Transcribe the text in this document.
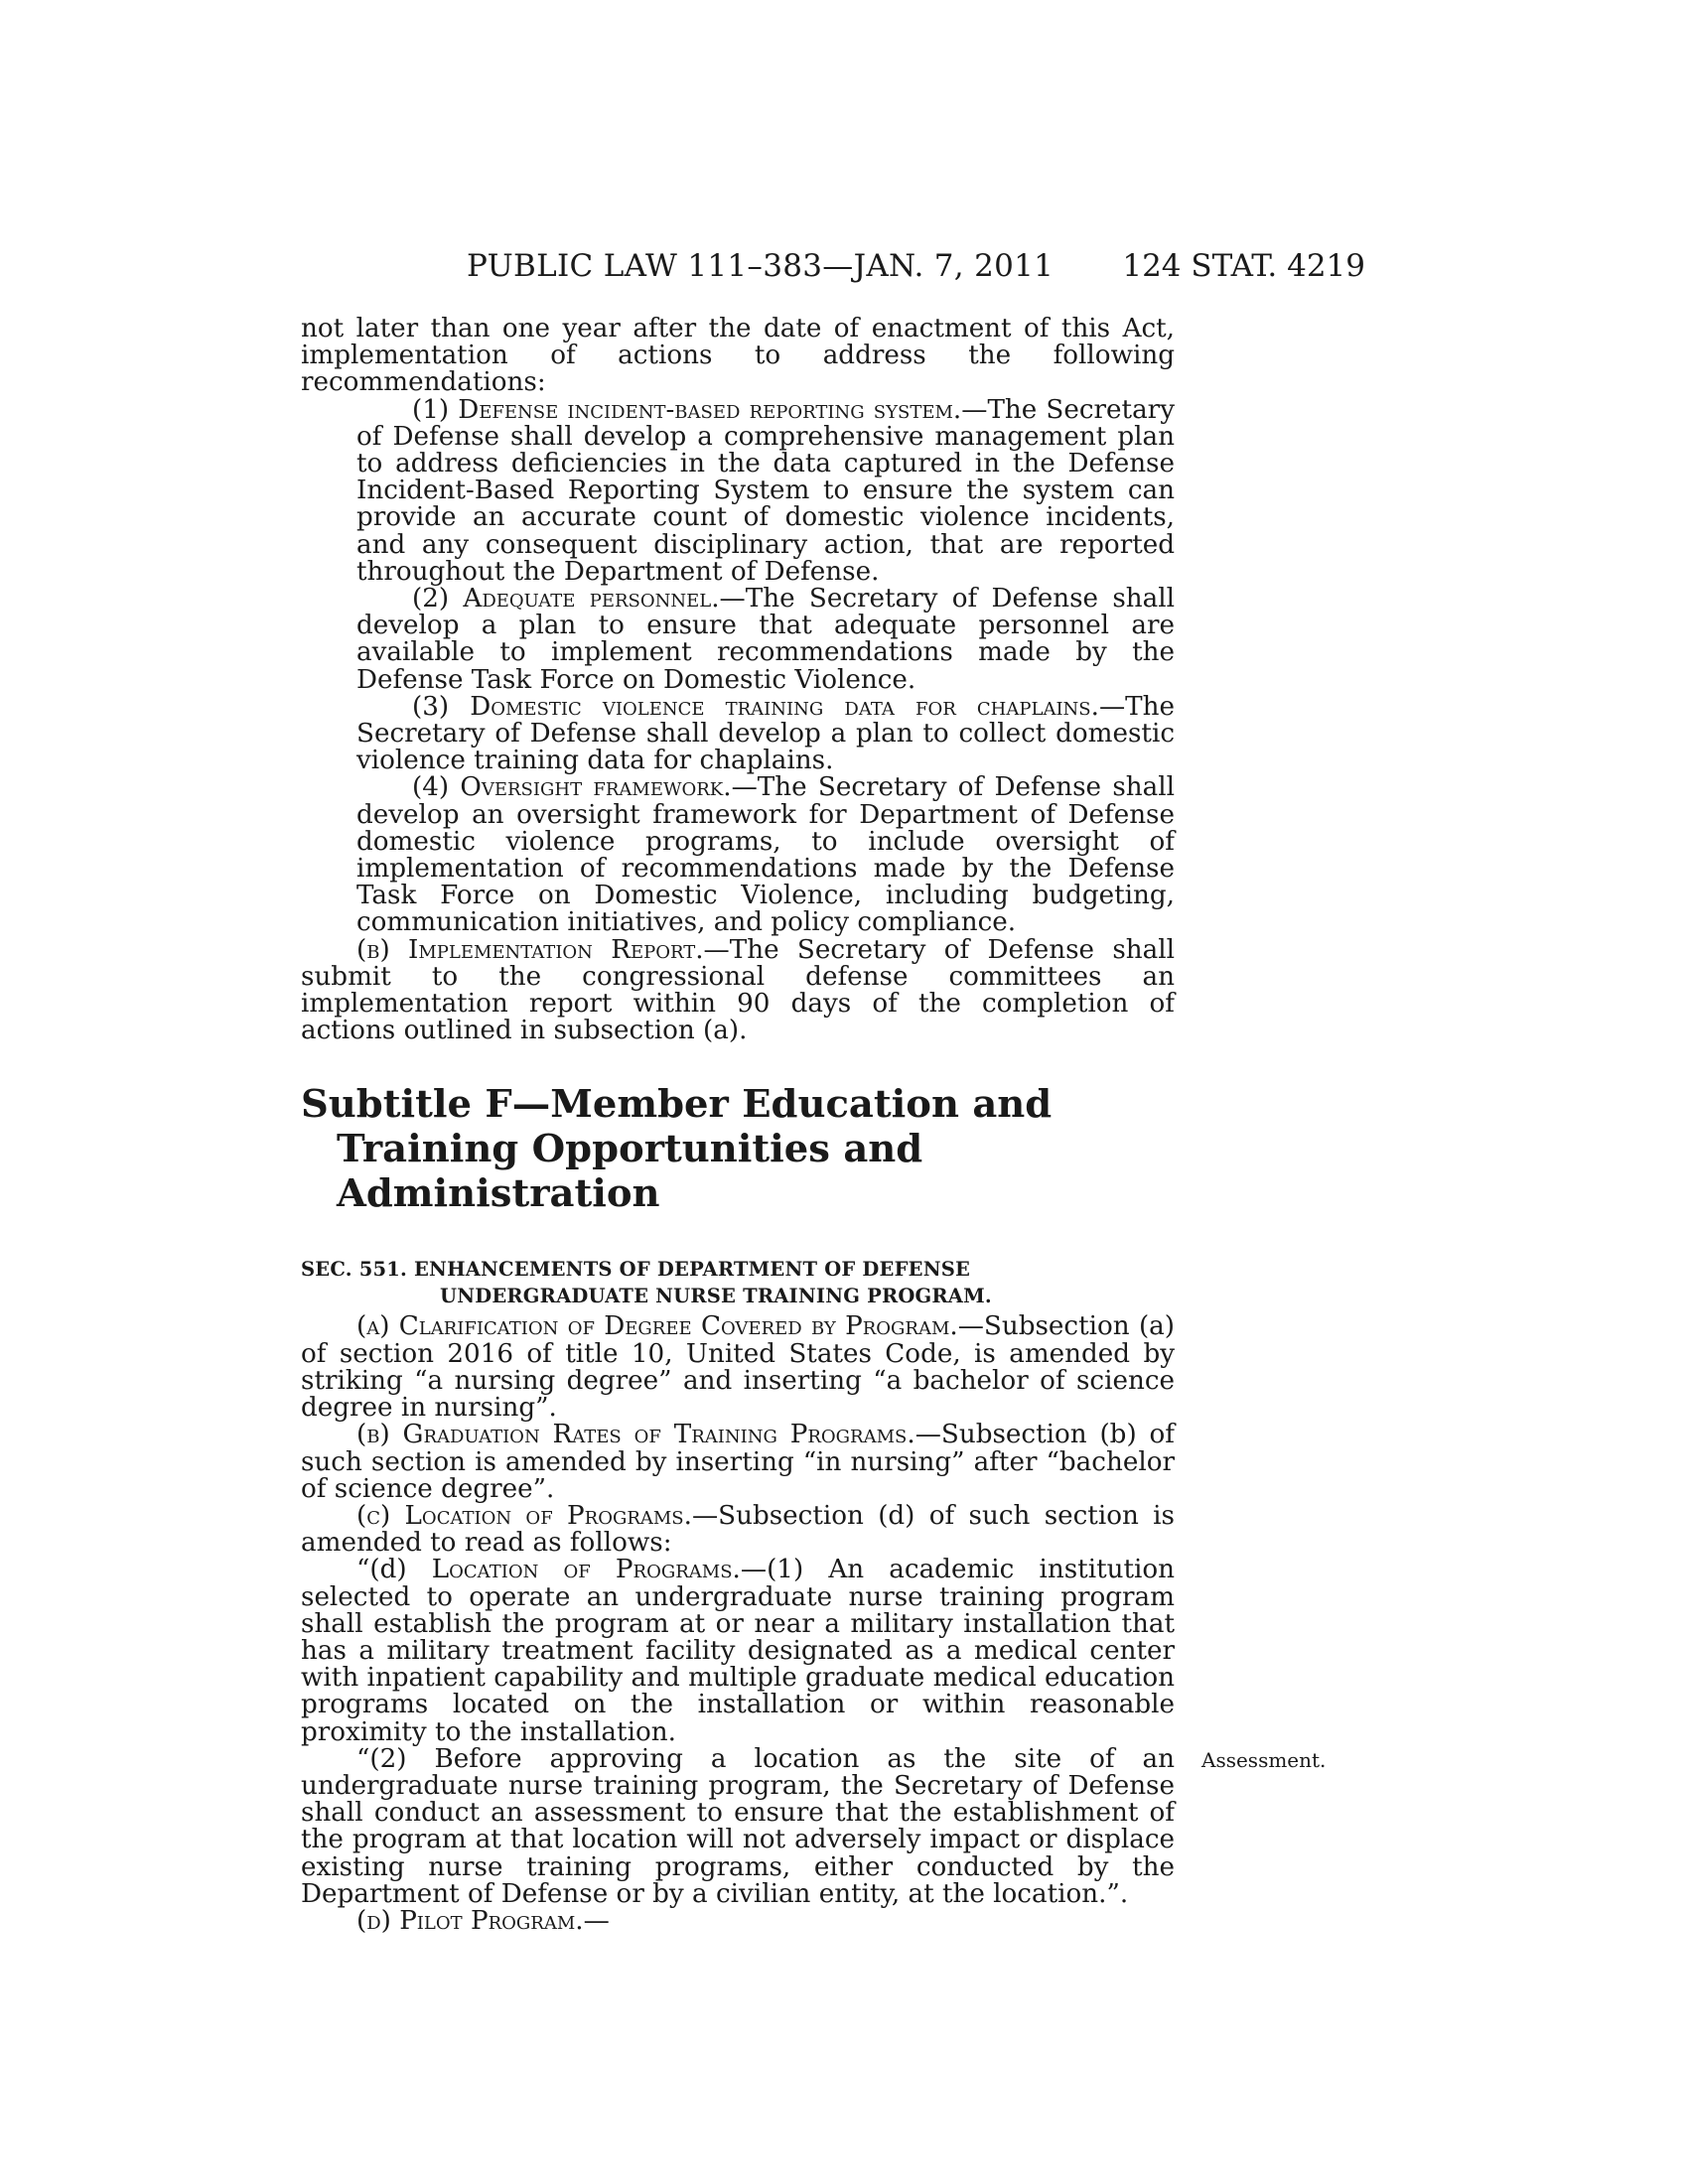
PUBLIC LAW 111–383—JAN. 7, 2011 124 STAT. 4219

not later than one year after the date of enactment of this Act, implementation of actions to address the following recommendations:

(1) Defense incident-based reporting system.—The Secretary of Defense shall develop a comprehensive management plan to address deficiencies in the data captured in the Defense Incident-Based Reporting System to ensure the system can provide an accurate count of domestic violence incidents, and any consequent disciplinary action, that are reported throughout the Department of Defense.

(2) Adequate personnel.—The Secretary of Defense shall develop a plan to ensure that adequate personnel are available to implement recommendations made by the Defense Task Force on Domestic Violence.

(3) Domestic violence training data for chaplains.—The Secretary of Defense shall develop a plan to collect domestic violence training data for chaplains.

(4) Oversight framework.—The Secretary of Defense shall develop an oversight framework for Department of Defense domestic violence programs, to include oversight of implementation of recommendations made by the Defense Task Force on Domestic Violence, including budgeting, communication initiatives, and policy compliance.

(b) Implementation Report.—The Secretary of Defense shall submit to the congressional defense committees an implementation report within 90 days of the completion of actions outlined in subsection (a).

Subtitle F—Member Education and Training Opportunities and Administration
SEC. 551. ENHANCEMENTS OF DEPARTMENT OF DEFENSE UNDERGRADUATE NURSE TRAINING PROGRAM.

(a) Clarification of Degree Covered by Program.—Subsection (a) of section 2016 of title 10, United States Code, is amended by striking “a nursing degree” and inserting “a bachelor of science degree in nursing”.

(b) Graduation Rates of Training Programs.—Subsection (b) of such section is amended by inserting “in nursing” after “bachelor of science degree”.

(c) Location of Programs.—Subsection (d) of such section is amended to read as follows:

“(d) Location of Programs.—(1) An academic institution selected to operate an undergraduate nurse training program shall establish the program at or near a military installation that has a military treatment facility designated as a medical center with inpatient capability and multiple graduate medical education programs located on the installation or within reasonable proximity to the installation.

“(2) Before approving a location as the site of an undergraduate nurse training program, the Secretary of Defense shall conduct an assessment to ensure that the establishment of the program at that location will not adversely impact or displace existing nurse training programs, either conducted by the Department of Defense or by a civilian entity, at the location.”.

(d) Pilot Program.—

Assessment.
